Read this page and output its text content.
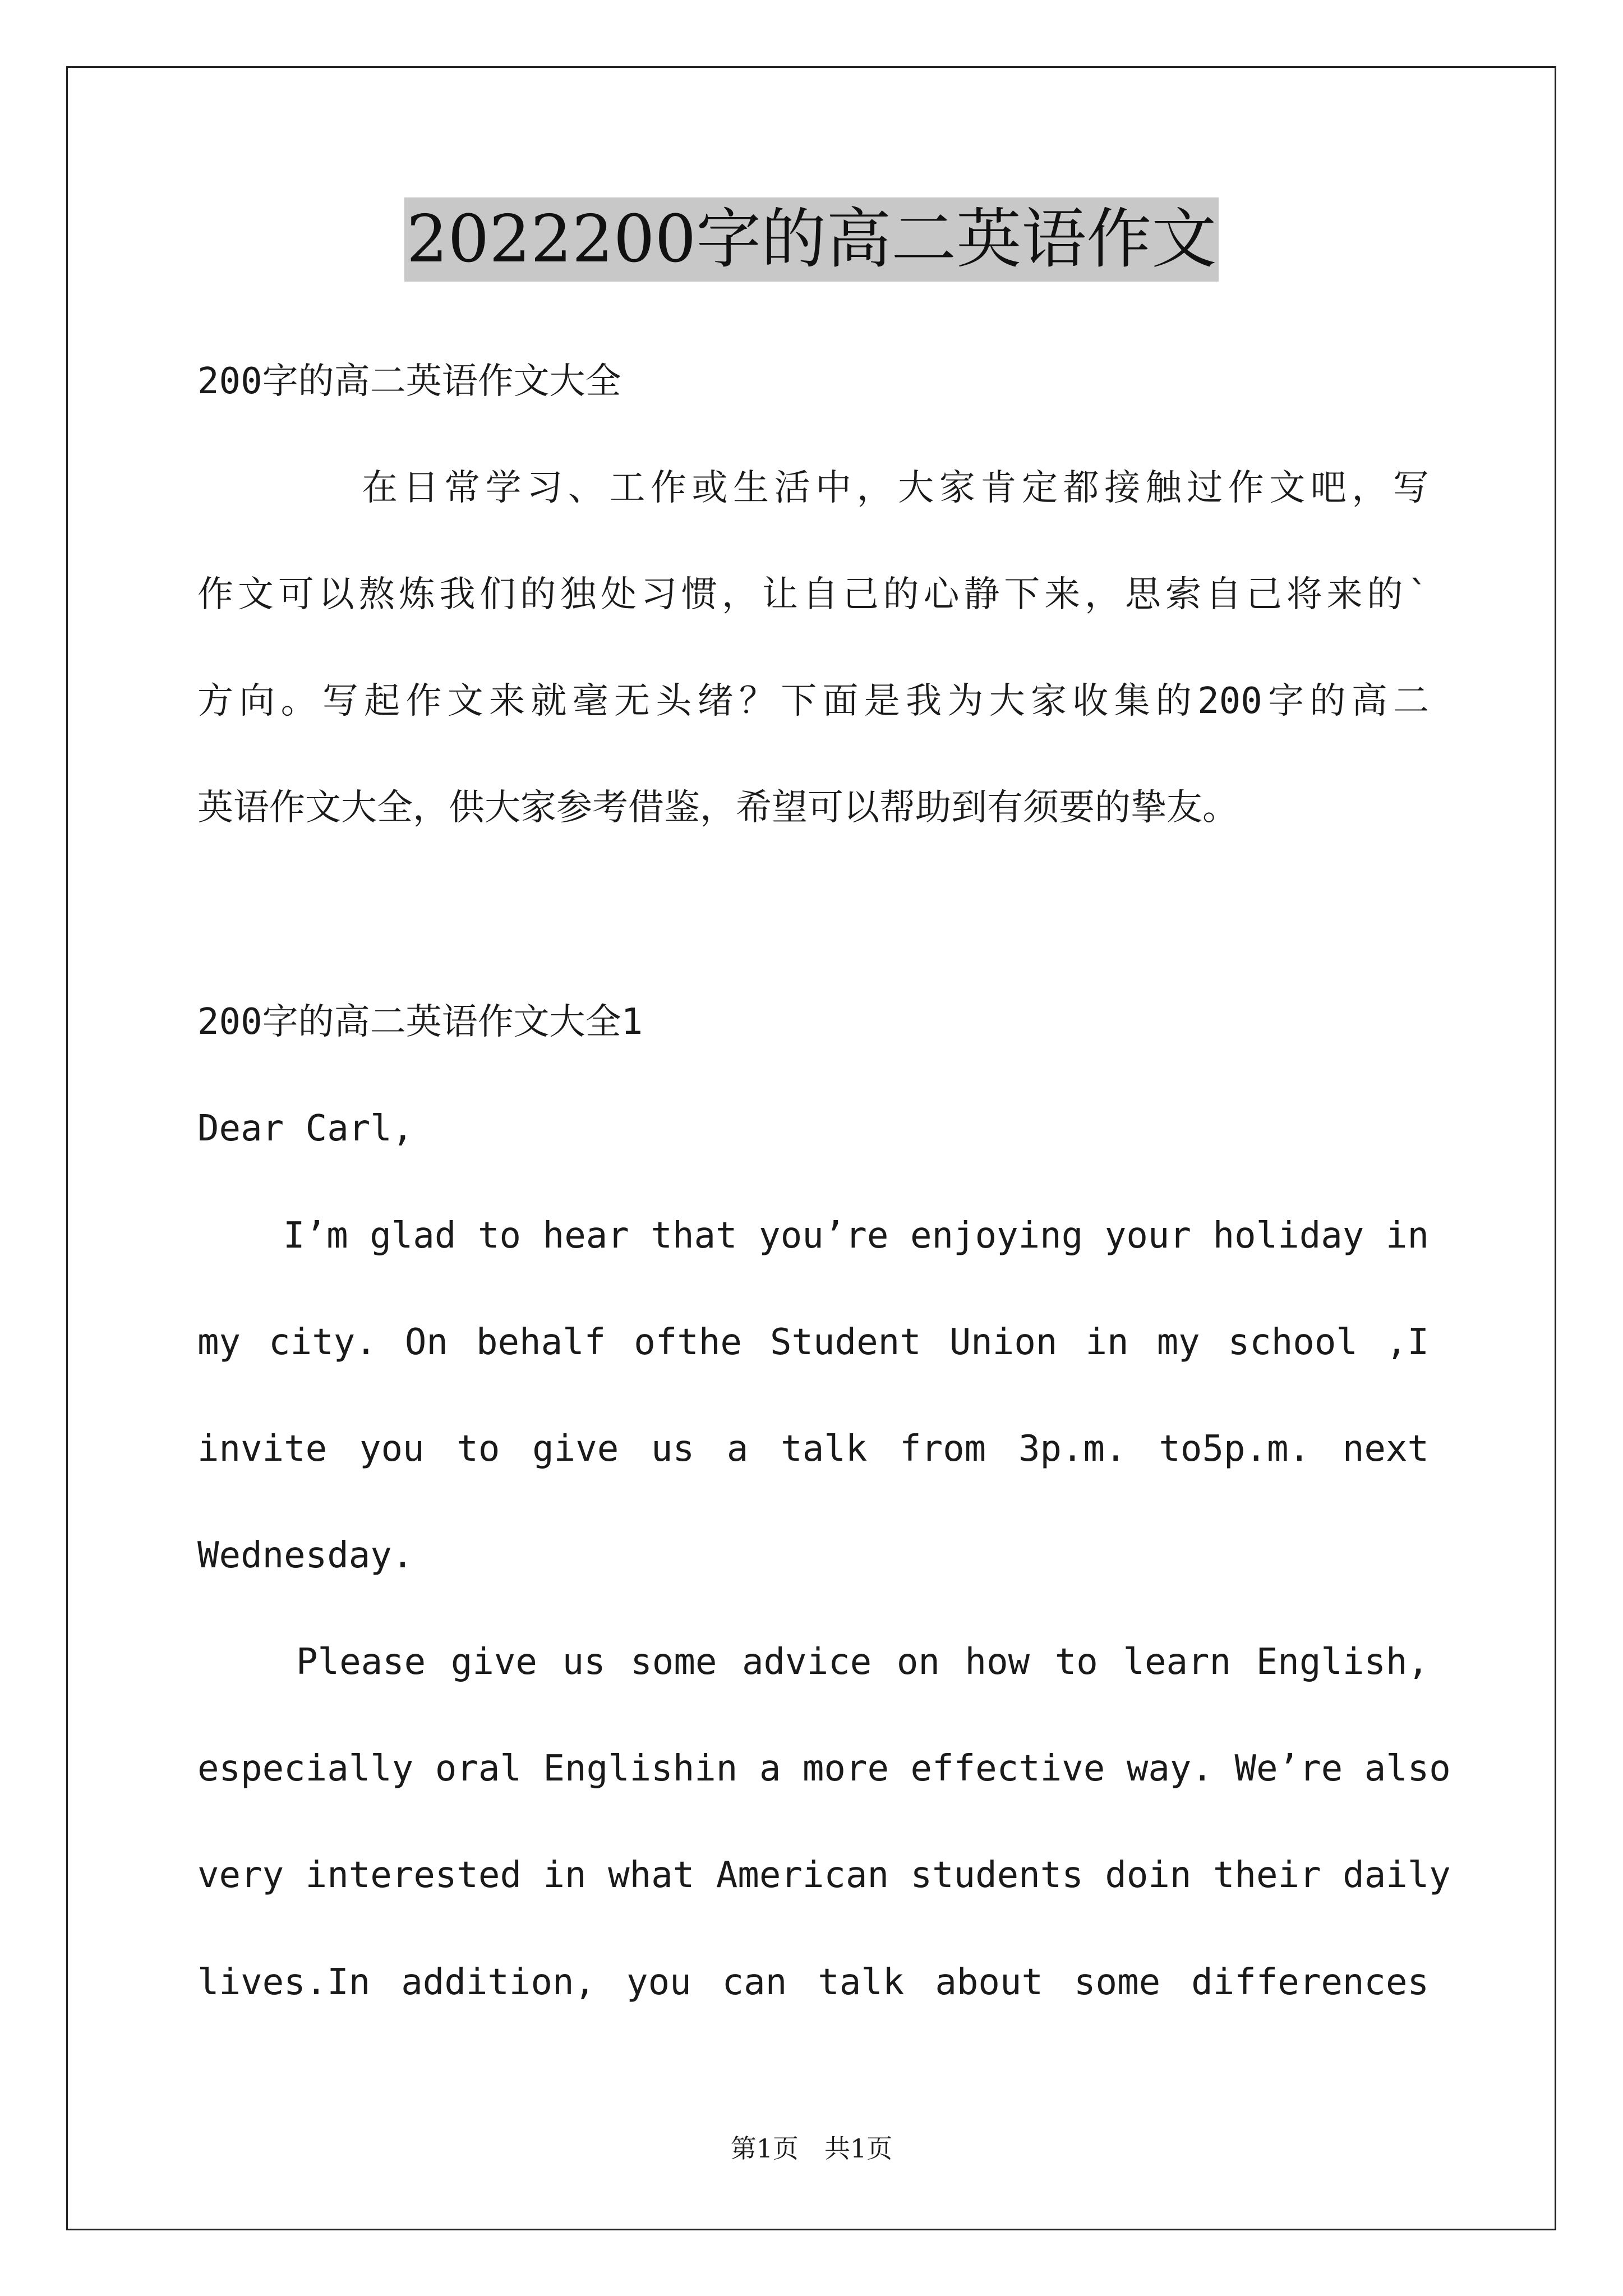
2022200字的高二英语作文
200字的高二英语作文大全
在日常学习、工作或生活中，大家肯定都接触过作文吧，写
作文可以熬炼我们的独处习惯，让自己的心静下来，思索自己将来的`
方向。写起作文来就毫无头绪？下面是我为大家收集的200字的高二
英语作文大全，供大家参考借鉴，希望可以帮助到有须要的挚友。
200字的高二英语作文大全1
Dear Carl,
I’m glad to hear that you’re enjoying your holiday in
my city. On behalf ofthe Student Union in my school ,I
invite you to give us a talk from 3p.m. to5p.m. next
Wednesday.
Please give us some advice on how to learn English,
especially oral Englishin a more effective way. We’re also
very interested in what American students doin their daily
lives.In addition, you can talk about some differences
第1页　共1页
